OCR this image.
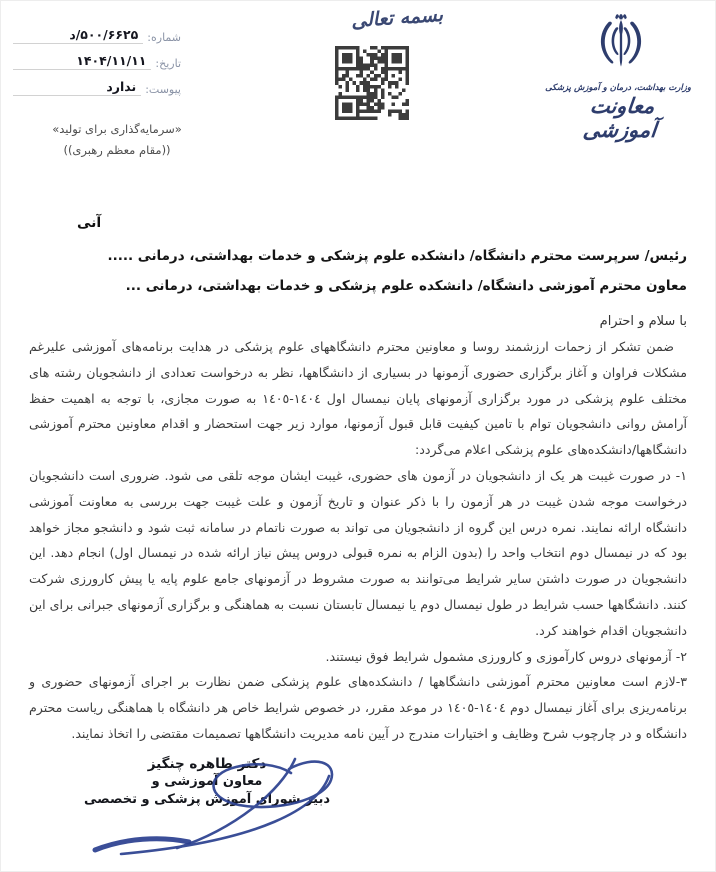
شماره:
۵۰۰/۶۶۲۵/د
تاریخ:
۱۴۰۴/۱۱/۱۱
پیوست:
ندارد
بسمه تعالی
وزارت بهداشت، درمان و آموزش پزشکی
معاونت آموزشی
«سرمایه‌گذاری برای تولید»
((مقام معظم رهبری))
آنی

رئیس/ سرپرست محترم دانشگاه/ دانشکده علوم پزشکی و خدمات بهداشتی، درمانی .....

معاون محترم آموزشی دانشگاه/ دانشکده علوم پزشکی و خدمات بهداشتی، درمانی ...

با سلام و احترام

ضمن تشکر از زحمات ارزشمند روسا و معاونین محترم دانشگاههای علوم پزشکی در هدایت برنامه‌های آموزشی علیرغم مشکلات فراوان و آغاز برگزاری حضوری آزمونها در بسیاری از دانشگاهها، نظر به درخواست تعدادی از دانشجویان رشته های مختلف علوم پزشکی در مورد برگزاری آزمونهای پایان نیمسال اول ١٤٠٤-١٤٠٥ به صورت مجازی، با توجه به اهمیت حفظ آرامش روانی دانشجویان توام با تامین کیفیت قابل قبول آزمونها، موارد زیر جهت استحضار و اقدام معاونین محترم آموزشی دانشگاهها/دانشکده‌های علوم پزشکی اعلام می‌گردد:

۱- در صورت غیبت هر یک از دانشجویان در آزمون های حضوری، غیبت ایشان موجه تلقی می شود. ضروری است دانشجویان درخواست موجه شدن غیبت در هر آزمون را با ذکر عنوان و تاریخ آزمون و علت غیبت جهت بررسی به معاونت آموزشی دانشگاه ارائه نمایند. نمره درس این گروه از دانشجویان می تواند به صورت ناتمام در سامانه ثبت شود و دانشجو مجاز خواهد بود که در نیمسال دوم انتخاب واحد را (بدون الزام به نمره قبولی دروس پیش نیاز ارائه شده در نیمسال اول) انجام دهد. این دانشجویان در صورت داشتن سایر شرایط می‌توانند به صورت مشروط در آزمونهای جامع علوم پایه یا پیش کارورزی شرکت کنند. دانشگاهها حسب شرایط در طول نیمسال دوم یا نیمسال تابستان نسبت به هماهنگی و برگزاری آزمونهای جبرانی برای این دانشجویان اقدام خواهند کرد.

۲- آزمونهای دروس کارآموزی و کارورزی مشمول شرایط فوق نیستند.

۳-لازم است معاونین محترم آموزشی دانشگاهها / دانشکده‌های علوم پزشکی ضمن نظارت بر اجرای آزمونهای حضوری و برنامه‌ریزی برای آغاز نیمسال دوم ١٤٠٤-١٤٠٥ در موعد مقرر، در خصوص شرایط خاص هر دانشگاه با هماهنگی ریاست محترم دانشگاه و در چارچوب شرح وظایف و اختیارات مندرج در آیین نامه مدیریت دانشگاهها تصمیمات مقتضی را اتخاذ نمایند.

دکتر طاهره چنگیز
معاون آموزشی و
دبیر شورای آموزش پزشکی و تخصصی
